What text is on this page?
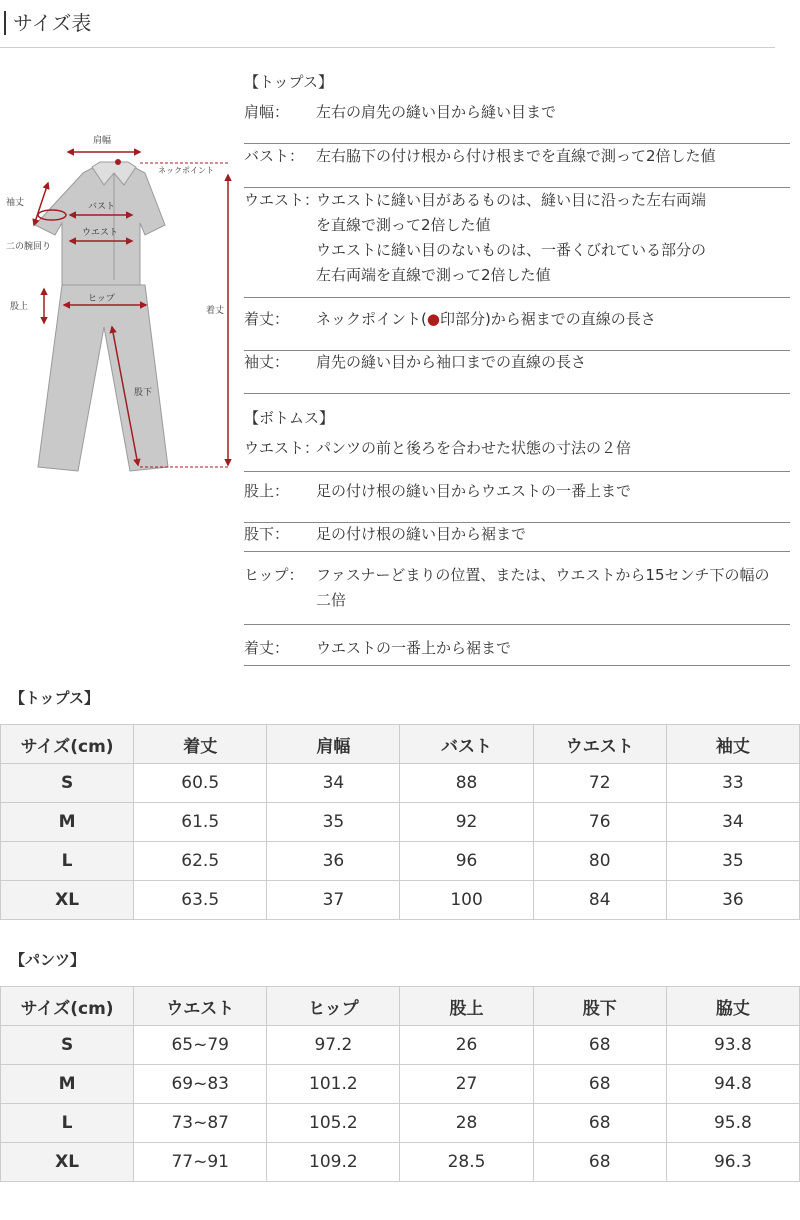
サイズ表
肩幅
ネックポイント
袖丈	バスト
ウエスト
二の腕回り
股上
ヒップ
着丈
股下
【トップス】
肩幅：	左右の肩先の縫い目から縫い目まで
バスト： 左右脇下の付け根から付け根までを直線で測って2倍した値
ウエスト：
ウエストに縫い目があるものは、縫い目に沿った左右両端
を直線で測って2倍した値
ウエストに縫い目のないものは、一番くびれている部分の
左右両端を直線で測って2倍した値
着丈：	ネックポイント(●印部分)から裾までの直線の長さ
袖丈：	肩先の縫い目から袖口までの直線の長さ
【ボトムス】
ウエスト：
パンツの前と後ろを合わせた状態の寸法の２倍
股上：	足の付け根の縫い目からウエストの一番上まで
股下：	足の付け根の縫い目から裾まで
ヒップ： ファスナーどまりの位置、または、ウエストから15センチ下の幅の
二倍
着丈：	ウエストの一番上から裾まで
【トップス】
サイズ(cm)	着丈	肩幅	バスト	ウエスト	袖丈
S	60.5	34	88	72	33
M	61.5	35	92	76	34
L	62.5	36	96	80	35
XL	63.5	37	100	84	36
【パンツ】
サイズ(cm)	ウエスト	ヒップ	股上	股下	脇丈
S	65~79	97.2	26	68	93.8
M	69~83	101.2	27	68	94.8
L	73~87	105.2	28	68	95.8
XL	77~91	109.2	28.5	68	96.3
